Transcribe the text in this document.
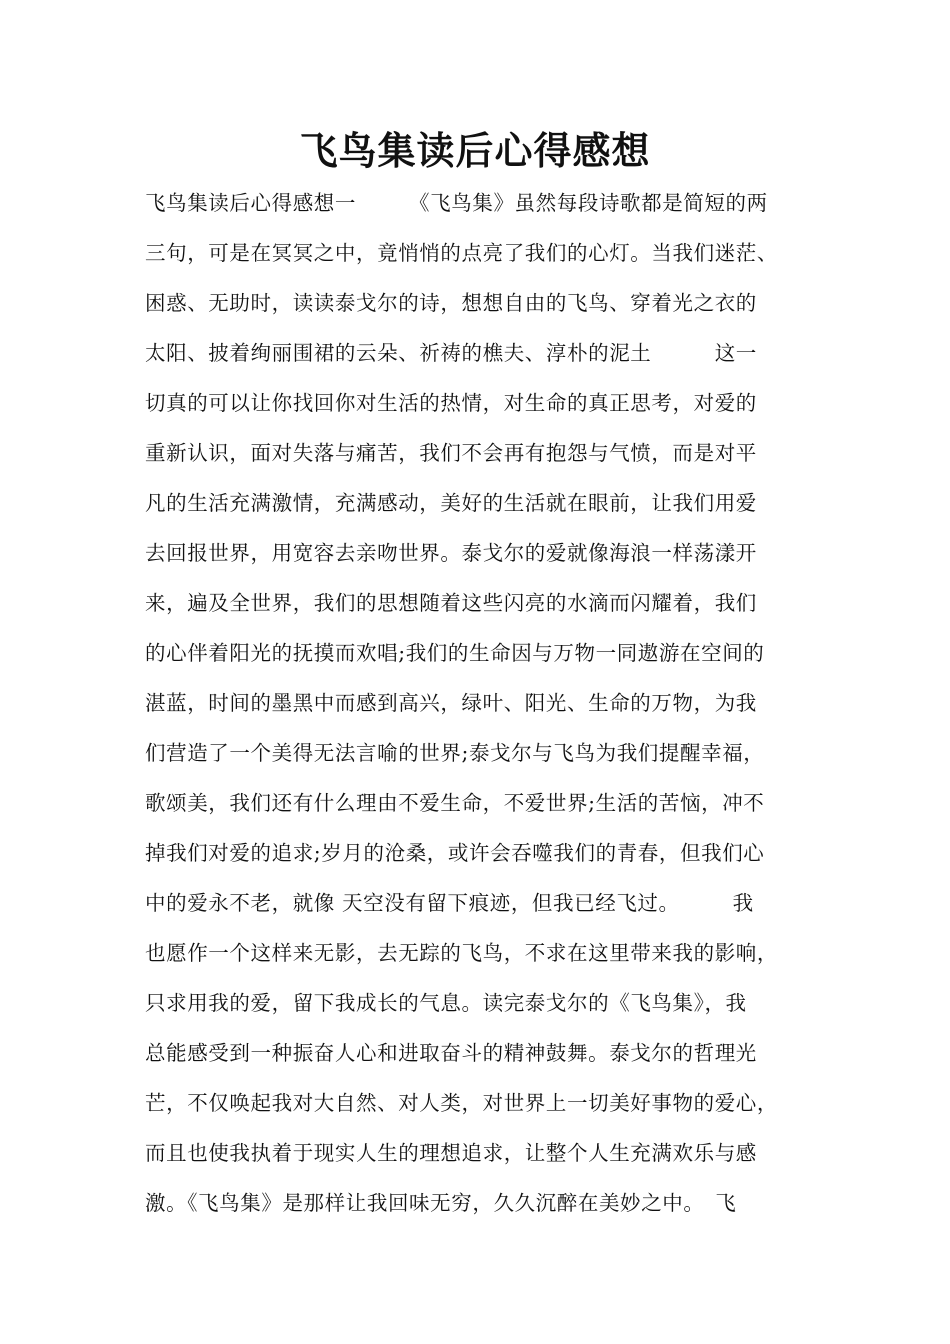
飞鸟集读后心得感想
飞鸟集读后心得感想一　　　《飞鸟集》虽然每段诗歌都是简短的两
三句，可是在冥冥之中，竟悄悄的点亮了我们的心灯。当我们迷茫、
困惑、无助时，读读泰戈尔的诗，想想自由的飞鸟、穿着光之衣的
太阳、披着绚丽围裙的云朵、祈祷的樵夫、淳朴的泥土　　　这一
切真的可以让你找回你对生活的热情，对生命的真正思考，对爱的
重新认识，面对失落与痛苦，我们不会再有抱怨与气愤，而是对平
凡的生活充满激情，充满感动，美好的生活就在眼前，让我们用爱
去回报世界，用宽容去亲吻世界。泰戈尔的爱就像海浪一样荡漾开
来，遍及全世界，我们的思想随着这些闪亮的水滴而闪耀着，我们
的心伴着阳光的抚摸而欢唱;我们的生命因与万物一同遨游在空间的
湛蓝，时间的墨黑中而感到高兴，绿叶、阳光、生命的万物，为我
们营造了一个美得无法言喻的世界;泰戈尔与飞鸟为我们提醒幸福，
歌颂美，我们还有什么理由不爱生命，不爱世界;生活的苦恼，冲不
掉我们对爱的追求;岁月的沧桑，或许会吞噬我们的青春，但我们心
中的爱永不老，就像 天空没有留下痕迹，但我已经飞过。　　　我
也愿作一个这样来无影，去无踪的飞鸟，不求在这里带来我的影响，
只求用我的爱，留下我成长的气息。读完泰戈尔的《飞鸟集》，我
总能感受到一种振奋人心和进取奋斗的精神鼓舞。泰戈尔的哲理光
芒，不仅唤起我对大自然、对人类，对世界上一切美好事物的爱心，
而且也使我执着于现实人生的理想追求，让整个人生充满欢乐与感
激。《飞鸟集》是那样让我回味无穷，久久沉醉在美妙之中。　飞
